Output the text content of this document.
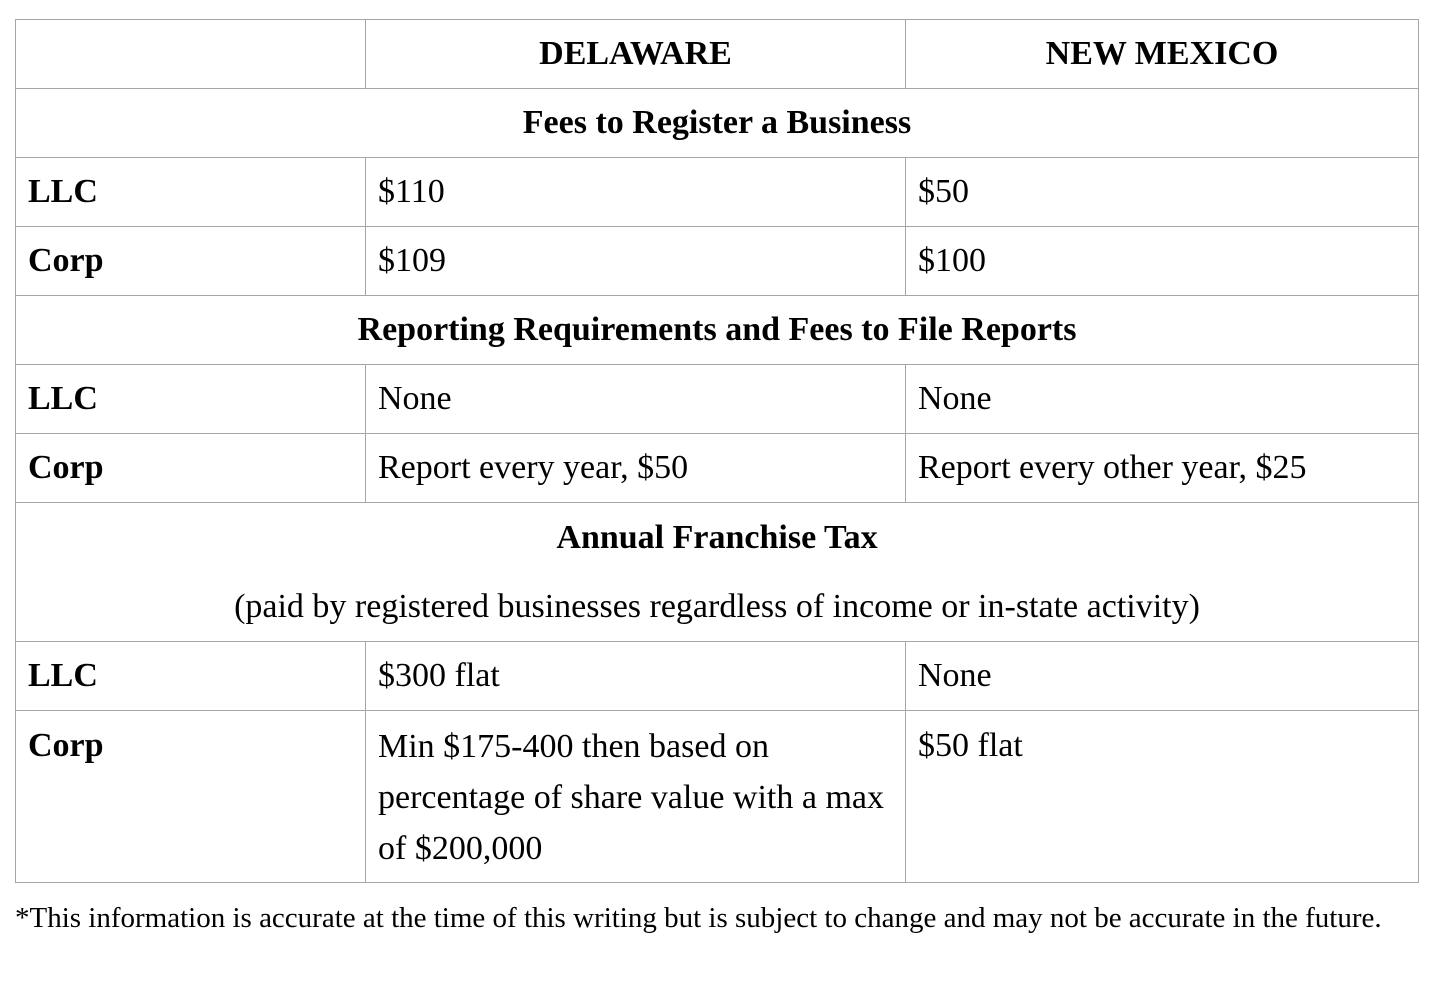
	DELAWARE	NEW MEXICO
Fees to Register a Business		
LLC	$110	$50
Corp	$109	$100
Reporting Requirements and Fees to File Reports		
LLC	None	None
Corp	Report every year, $50	Report every other year, $25

Annual Franchise Tax
(paid by registered businesses regardless of income or in-state activity)		

LLC	$300 flat	None
Corp	Min $175-400 then based on percentage of share value with a max of $200,000	$50 flat
*This information is accurate at the time of this writing but is subject to change and may not be accurate in the future.
